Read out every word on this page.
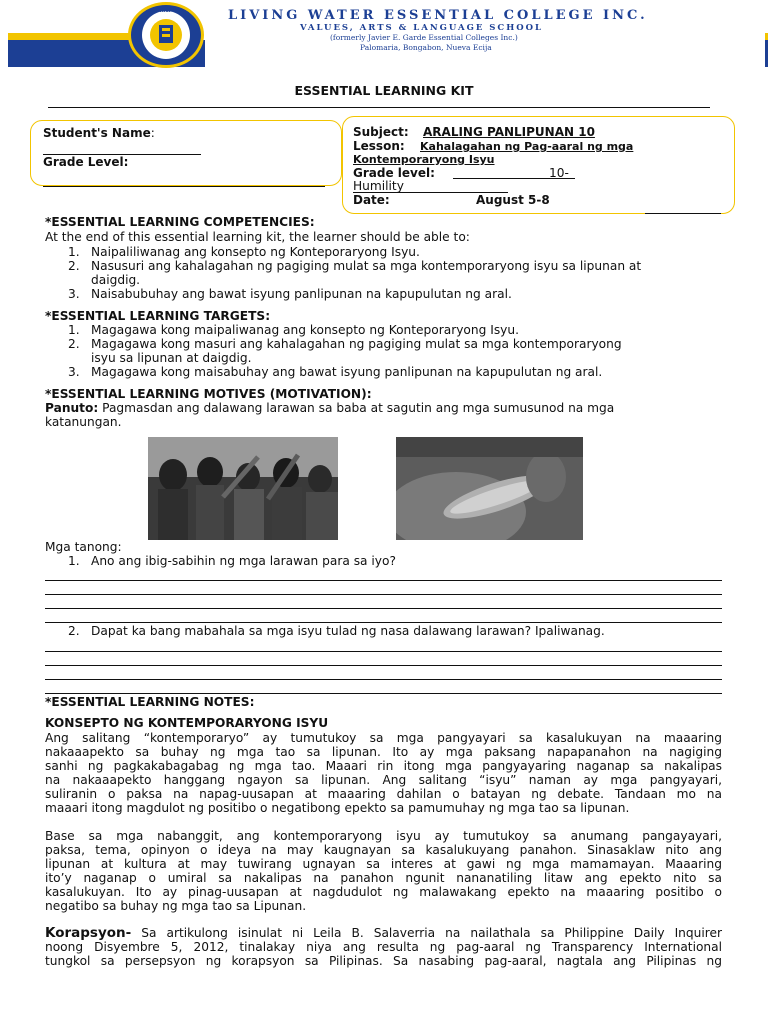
Essential College	LIVING WATER ESSENTIAL COLLEGE INC.
VALUES, ARTS & LANGUAGE SCHOOL
(formerly Javier E. Garde Essential Colleges Inc.)
Palomaria, Bongabon, Nueva Ecija
ESSENTIAL LEARNING KIT
Student's Name:
Grade Level:
Subject: ARALING PANLIPUNAN 10
Lesson: Kahalagahan ng Pag-aaral ng mga
Kontemporaryong Isyu
Grade level:	10-
Humility
Date:	August 5-8
*ESSENTIAL LEARNING COMPETENCIES:
At the end of this essential learning kit, the learner should be able to:
1. Naipaliliwanag ang konsepto ng Konteporaryong Isyu.
2. Nasusuri ang kahalagahan ng pagiging mulat sa mga kontemporaryong isyu sa lipunan at
daigdig.
3. Naisabubuhay ang bawat isyung panlipunan na kapupulutan ng aral.
*ESSENTIAL LEARNING TARGETS:
1. Magagawa kong maipaliwanag ang konsepto ng Konteporaryong Isyu.
2. Magagawa kong masuri ang kahalagahan ng pagiging mulat sa mga kontemporaryong
isyu sa lipunan at daigdig.
3. Magagawa kong maisabuhay ang bawat isyung panlipunan na kapupulutan ng aral.
*ESSENTIAL LEARNING MOTIVES (MOTIVATION):
Panuto: Pagmasdan ang dalawang larawan sa baba at sagutin ang mga sumusunod na mga
katanungan.
Mga tanong:
1. Ano ang ibig-sabihin ng mga larawan para sa iyo?
2. Dapat ka bang mabahala sa mga isyu tulad ng nasa dalawang larawan? Ipaliwanag.
*ESSENTIAL LEARNING NOTES:
KONSEPTO NG KONTEMPORARYONG ISYU
Ang salitang “kontemporaryo” ay tumutukoy sa mga pangyayari sa kasalukuyan na maaaring
nakaaapekto sa buhay ng mga tao sa lipunan. Ito ay mga paksang napapanahon na nagiging
sanhi ng pagkakabagabag ng mga tao. Maaari rin itong mga pangyayaring naganap sa nakalipas
na nakaaapekto hanggang ngayon sa lipunan. Ang salitang “isyu” naman ay mga pangyayari,
suliranin o paksa na napag-uusapan at maaaring dahilan o batayan ng debate. Tandaan mo na
maaari itong magdulot ng positibo o negatibong epekto sa pamumuhay ng mga tao sa lipunan.
Base sa mga nabanggit, ang kontemporaryong isyu ay tumutukoy sa anumang pangayayari,
paksa, tema, opinyon o ideya na may kaugnayan sa kasalukuyang panahon. Sinasaklaw nito ang
lipunan at kultura at may tuwirang ugnayan sa interes at gawi ng mga mamamayan. Maaaring
ito’y naganap o umiral sa nakalipas na panahon ngunit nananatiling litaw ang epekto nito sa
kasalukuyan. Ito ay pinag-uusapan at nagdudulot ng malawakang epekto na maaaring positibo o
negatibo sa buhay ng mga tao sa Lipunan.
Korapsyon- Sa artikulong isinulat ni Leila B. Salaverria na nailathala sa Philippine Daily Inquirer
noong Disyembre 5, 2012, tinalakay niya ang resulta ng pag-aaral ng Transparency International
tungkol sa persepsyon ng korapsyon sa Pilipinas. Sa nasabing pag-aaral, nagtala ang Pilipinas ng
